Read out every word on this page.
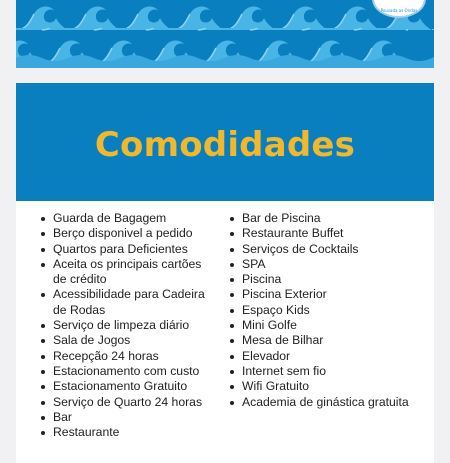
Pousada as Ondas
Comodidades
Guarda de Bagagem
Berço disponivel a pedido
Quartos para Deficientes
Aceita os principais cartões de crédito
Acessibilidade para Cadeira de Rodas
Serviço de limpeza diário
Sala de Jogos
Recepção 24 horas
Estacionamento com custo
Estacionamento Gratuito
Serviço de Quarto 24 horas
Bar
Restaurante
Bar de Piscina
Restaurante Buffet
Serviços de Cocktails
SPA
Piscina
Piscina Exterior
Espaço Kids
Mini Golfe
Mesa de Bilhar
Elevador
Internet sem fio
Wifi Gratuito
Academia de ginástica gratuita
